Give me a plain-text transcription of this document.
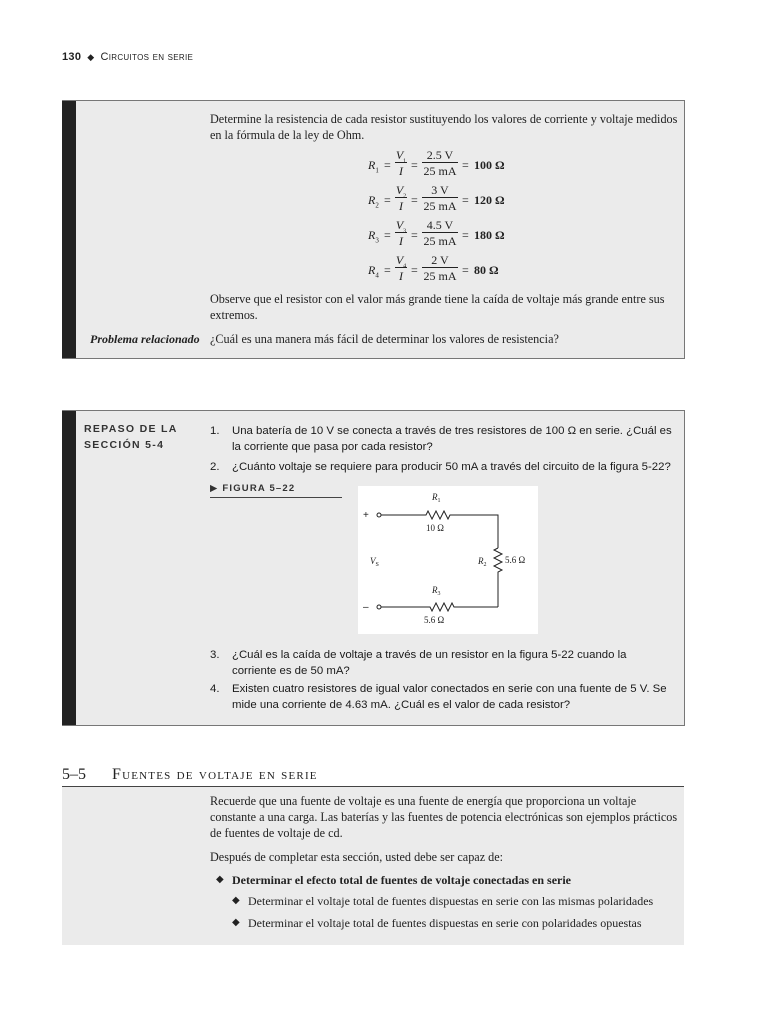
130 ◆ Circuitos en serie
Determine la resistencia de cada resistor sustituyendo los valores de corriente y voltaje medidos en la fórmula de la ley de Ohm.
$R_1$ =
$V_1$
I =
2.5 V
25 mA = 100 Ω
$R_2$ =
$V_2$
I =
3 V
25 mA = 120 Ω
$R_3$ =
$V_3$
I =
4.5 V
25 mA = 180 Ω
$R_4$ =
$V_4$
I =
2 V
25 mA = 80 Ω
Observe que el resistor con el valor más grande tiene la caída de voltaje más grande entre sus extremos.
Problema relacionado ¿Cuál es una manera más fácil de determinar los valores de resistencia?
REPASO DE LA
SECCIÓN 5-4
1. Una batería de 10 V se conecta a través de tres resistores de 100 Ω en serie. ¿Cuál es la corriente que pasa por cada resistor?
2. ¿Cuánto voltaje se requiere para producir 50 mA a través del circuito de la figura 5-22?
▶ FIGURA 5–22
+
–
$V_S$
$R_1$
10 Ω
$R_2$ 5.6 Ω
$R_3$
5.6 Ω
3. ¿Cuál es la caída de voltaje a través de un resistor en la figura 5-22 cuando la corriente es de 50 mA?
4. Existen cuatro resistores de igual valor conectados en serie con una fuente de 5 V. Se mide una corriente de 4.63 mA. ¿Cuál es el valor de cada resistor?
5–5 Fuentes de voltaje en serie
Recuerde que una fuente de voltaje es una fuente de energía que proporciona un voltaje constante a una carga. Las baterías y las fuentes de potencia electrónicas son ejemplos prácticos de fuentes de voltaje de cd.
Después de completar esta sección, usted debe ser capaz de:
◆ Determinar el efecto total de fuentes de voltaje conectadas en serie
◆ Determinar el voltaje total de fuentes dispuestas en serie con las mismas polaridades
◆ Determinar el voltaje total de fuentes dispuestas en serie con polaridades opuestas
